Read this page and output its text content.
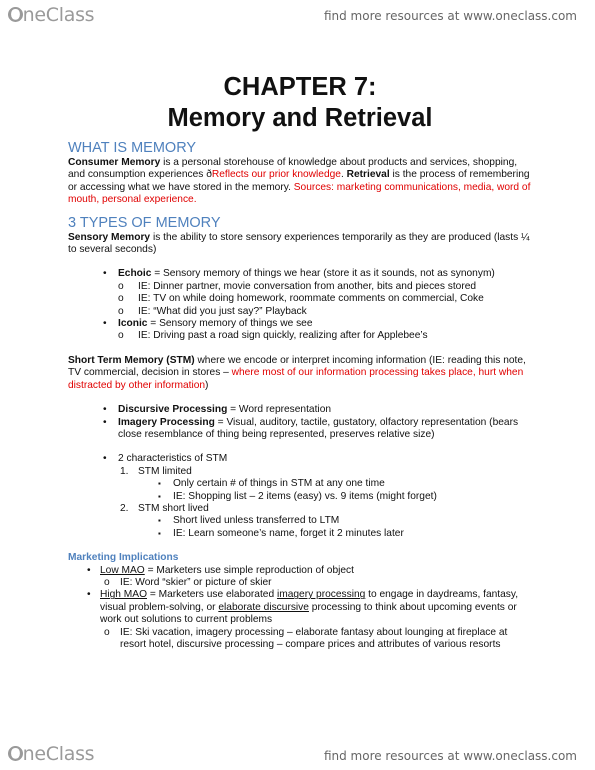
OneClass	find more resources at www.oneclass.com
CHAPTER 7:
Memory and Retrieval
WHAT IS MEMORY

Consumer Memory is a personal storehouse of knowledge about products and services, shopping, and consumption experiences ðReflects our prior knowledge. Retrieval is the process of remembering or accessing what we have stored in the memory. Sources: marketing communications, media, word of mouth, personal experience.

3 TYPES OF MEMORY

Sensory Memory is the ability to store sensory experiences temporarily as they are produced (lasts ¼ to several seconds)

• Echoic = Sensory memory of things we hear (store it as it sounds, not as synonym)
o IE: Dinner partner, movie conversation from another, bits and pieces stored
o IE: TV on while doing homework, roommate comments on commercial, Coke
o IE: “What did you just say?” Playback
• Iconic = Sensory memory of things we see
o IE: Driving past a road sign quickly, realizing after for Applebee’s

Short Term Memory (STM) where we encode or interpret incoming information (IE: reading this note, TV commercial, decision in stores – where most of our information processing takes place, hurt when distracted by other information)

• Discursive Processing = Word representation
• Imagery Processing = Visual, auditory, tactile, gustatory, olfactory representation (bears close resemblance of thing being represented, preserves relative size)
• 2 characteristics of STM
1. STM limited
▪ Only certain # of things in STM at any one time
▪ IE: Shopping list – 2 items (easy) vs. 9 items (might forget)
2. STM short lived
▪ Short lived unless transferred to LTM
▪ IE: Learn someone’s name, forget it 2 minutes later
Marketing Implications
• Low MAO = Marketers use simple reproduction of object
o IE: Word “skier” or picture of skier
• High MAO = Marketers use elaborated imagery processing to engage in daydreams, fantasy, visual problem-solving, or elaborate discursive processing to think about upcoming events or work out solutions to current problems
o IE: Ski vacation, imagery processing – elaborate fantasy about lounging at fireplace at resort hotel, discursive processing – compare prices and attributes of various resorts
OneClass	find more resources at www.oneclass.com
